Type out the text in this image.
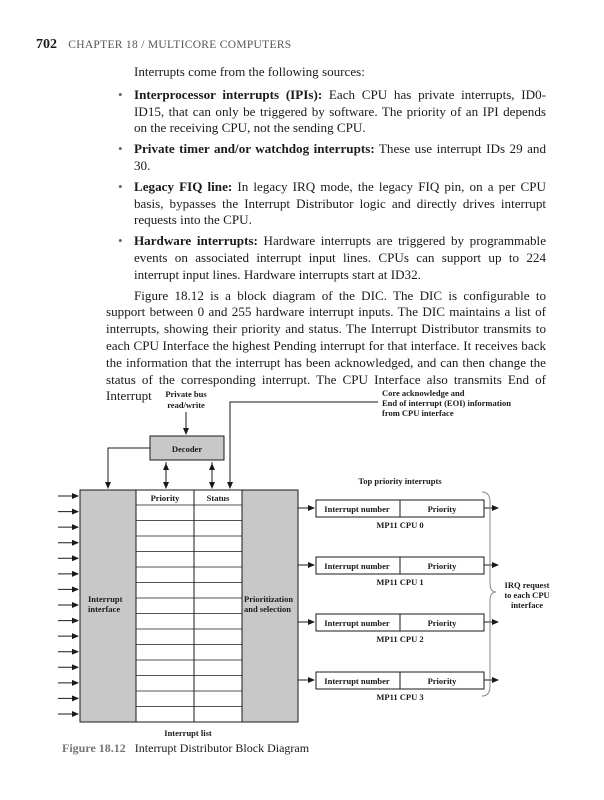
702 CHAPTER 18 / MULTICORE COMPUTERS

Interrupts come from the following sources:

• Interprocessor interrupts (IPIs): Each CPU has private interrupts, ID0-ID15, that can only be triggered by software. The priority of an IPI depends on the receiving CPU, not the sending CPU.
• Private timer and/or watchdog interrupts: These use interrupt IDs 29 and 30.
• Legacy FIQ line: In legacy IRQ mode, the legacy FIQ pin, on a per CPU basis, bypasses the Interrupt Distributor logic and directly drives interrupt requests into the CPU.
• Hardware interrupts: Hardware interrupts are triggered by programmable events on associated interrupt input lines. CPUs can support up to 224 interrupt input lines. Hardware interrupts start at ID32.

Figure 18.12 is a block diagram of the DIC. The DIC is configurable to support between 0 and 255 hardware interrupt inputs. The DIC maintains a list of interrupts, showing their priority and status. The Interrupt Distributor transmits to each CPU Interface the highest Pending interrupt for that interface. It receives back the information that the interrupt has been acknowledged, and can then change the status of the corresponding interrupt. The CPU Interface also transmits End of Interrupt	Private bus
read/write
Core acknowledge and
End of interrupt (EOI) information
from CPU interface
Decoder
Interrupt
interface
Priority	Status
Prioritization
and selection
Interrupt list
Top priority interrupts
Interrupt number	Priority
MP11 CPU 0
Interrupt number	Priority
MP11 CPU 1
Interrupt number	Priority
MP11 CPU 2
Interrupt number	Priority
MP11 CPU 3
IRQ request
to each CPU
interface
Figure 18.12 Interrupt Distributor Block Diagram
